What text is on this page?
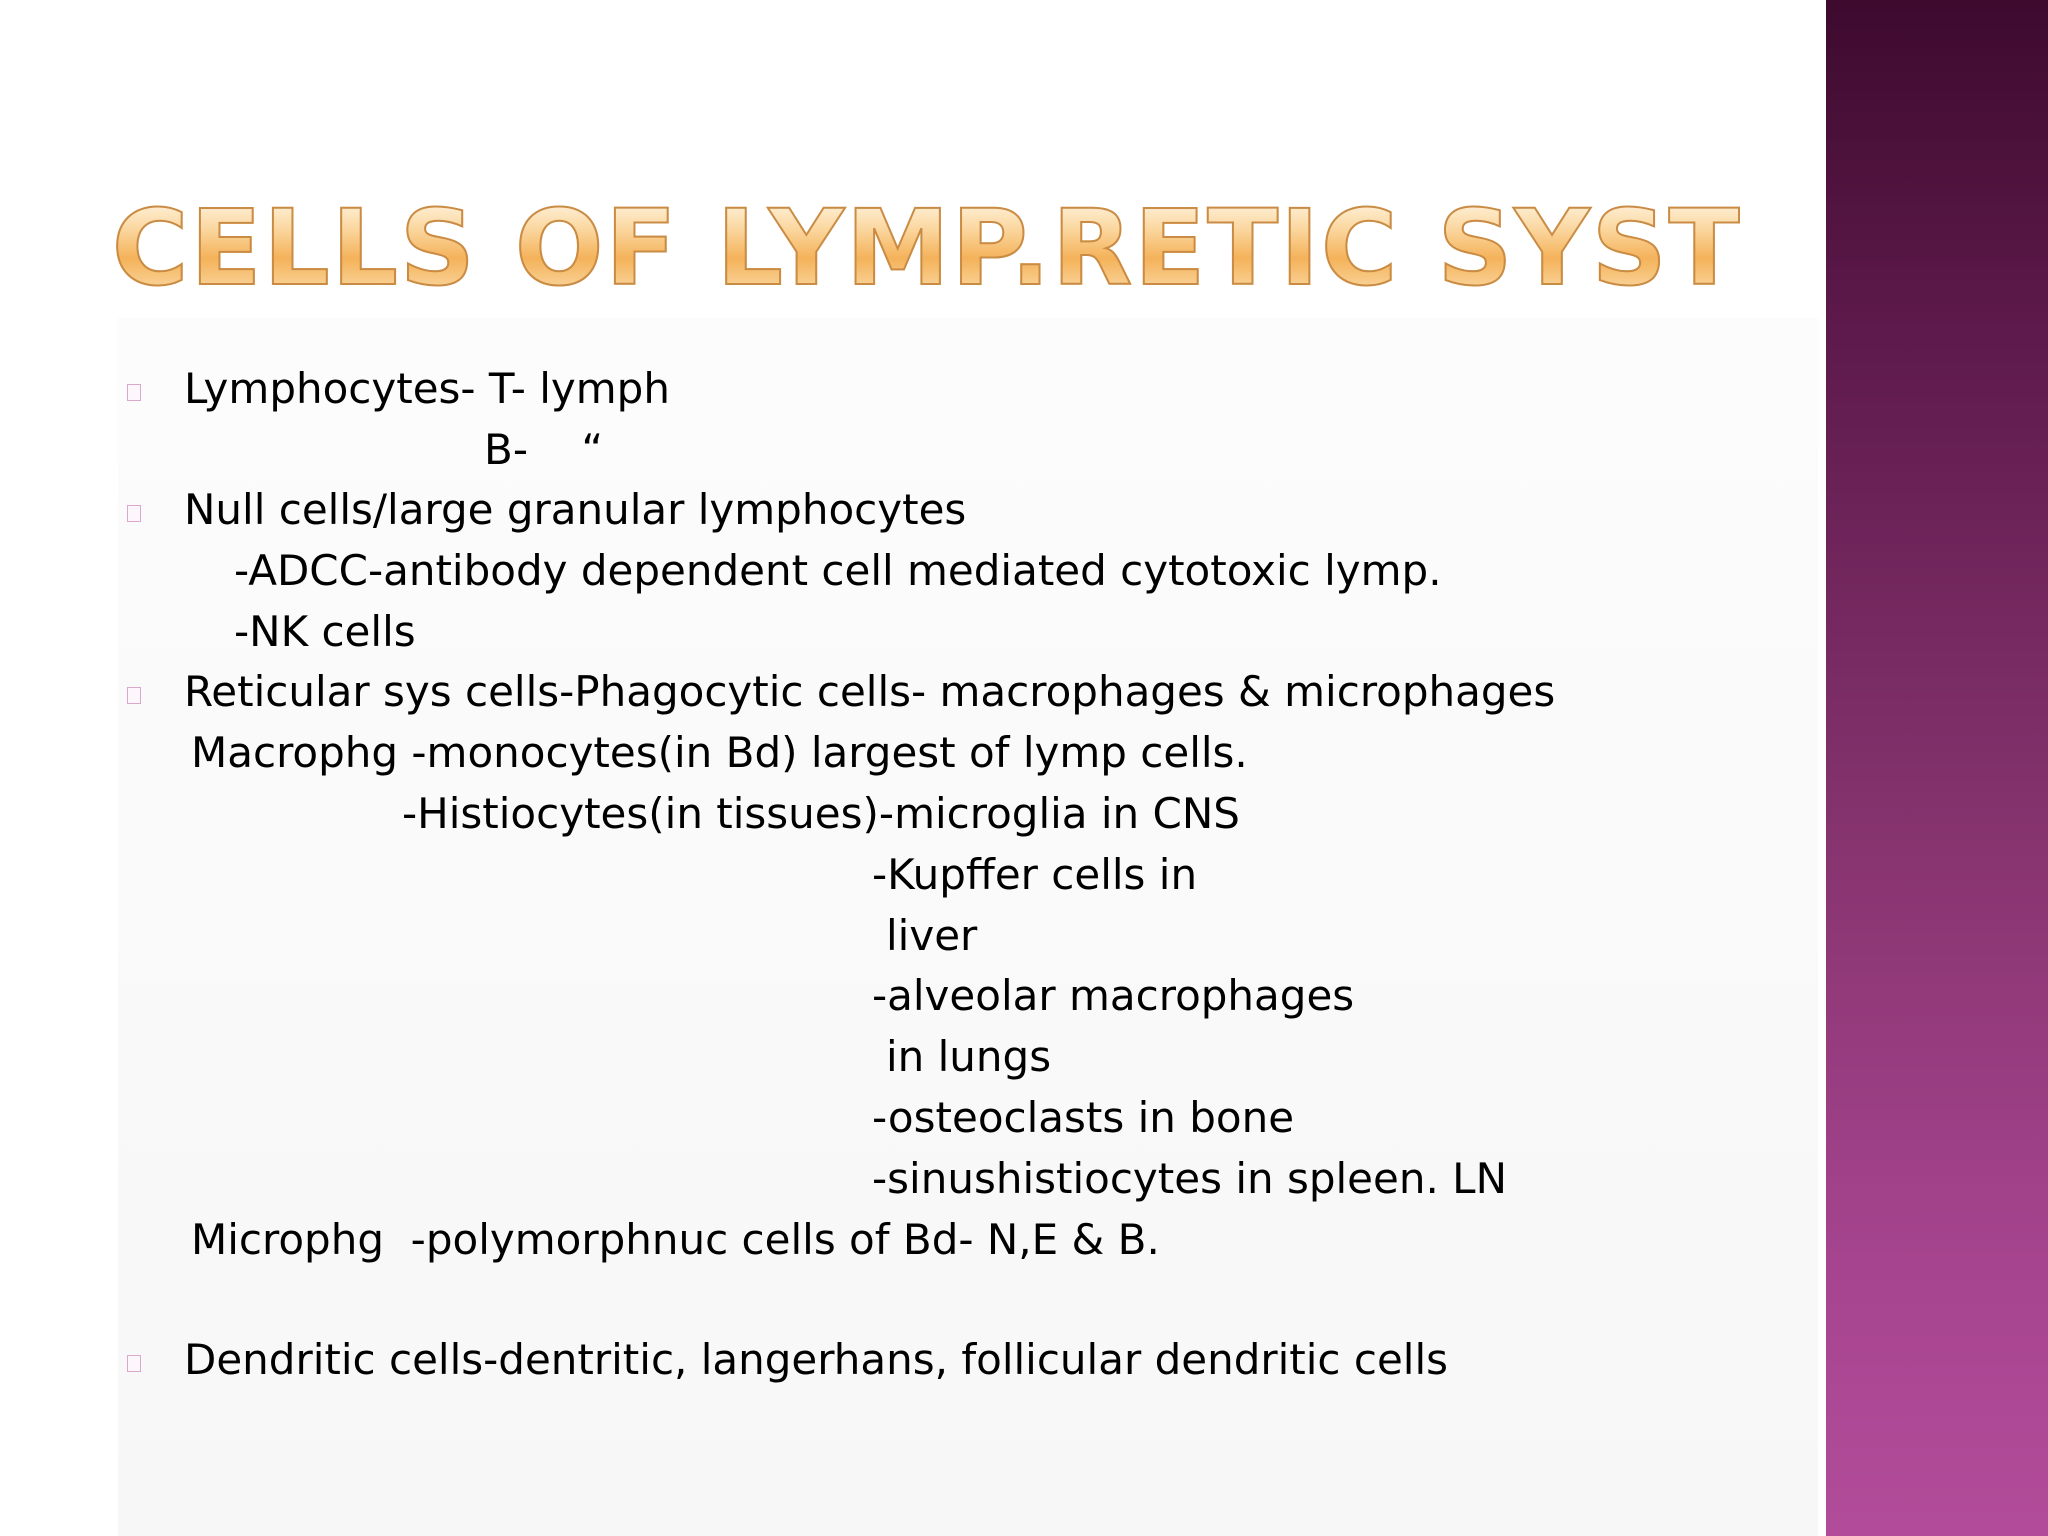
CELLS OF LYMP.RETIC SYST
Lymphocytes- T- lymph
B-    “
Null cells/large granular lymphocytes
-ADCC-antibody dependent cell mediated cytotoxic lymp.
-NK cells
Reticular sys cells-Phagocytic cells- macrophages & microphages
Macrophg -monocytes(in Bd) largest of lymp cells.
-Histiocytes(in tissues)-microglia in CNS
-Kupffer cells in
liver
-alveolar macrophages
in lungs
-osteoclasts in bone
-sinushistiocytes in spleen. LN
Microphg  -polymorphnuc cells of Bd- N,E & B.
Dendritic cells-dentritic, langerhans, follicular dendritic cells
